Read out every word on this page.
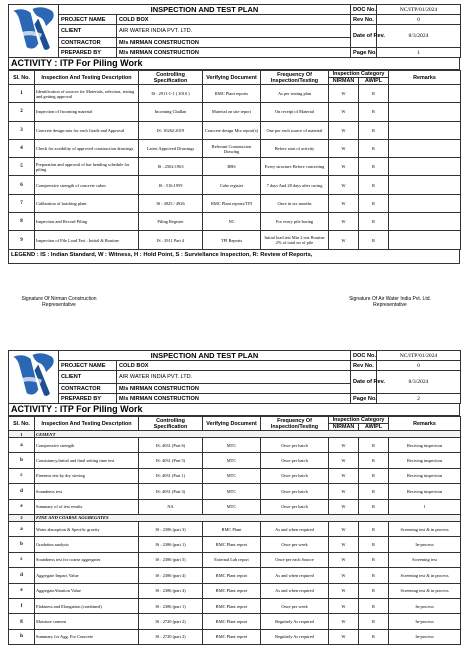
	INSPECTION AND TEST PLAN		DOC No.	NC/ITP/01/2024
	PROJECT NAME	COLD BOX	Rev No.	0
	CLIENT	AIR WATER INDIA PVT. LTD.	Date of Rev.	8/3/2024
	CONTRACTOR	M/s NIRMAN CONSTRUCTION		
	PREPARED BY	M/s NIRMAN CONSTRUCTION	Page No.	1
ACTIVITY : ITP For Piling Work
Sl. No.	Inspection And Testing Description	Controlling Specification	Verifying Document	Frequency Of Inspection/Testing	Inspection Category		Remarks
					NIRMAN	AWIPL	
1	Identification of sources for Materials, selection, testing and getting approval	IS : 2911-1-1 ( 2010 )	RMC Plant reports	As per testing plan	W	R	
2	Inspection of Incoming material	Incoming Challan	Material on site report	On receipt of Material	W	R	
3	Concrete design mix for each Grade and Approval	IS: 10262:2019	Concrete design Mix report(s)	One per each source of material	W	R	
4	Check for avaibility of approved construction drawings	Latest Approved Drawings	Relevant Construction Drawing	Before start of activity	W	R	
5	Preparation and approval of bar bending schedule for piling	IS : 2502:1963	BBS	Every structure Before concreting	W	R	
6	Compressive strength of concrete cubes	IS : 516:1959	Cube register	7 days And 28 days after curing	W	R	
7	Calibration of batching plant	IS : 4925 / 4926	RMC Plant reports/TPI	Once in six months	W	R	
8	Inspection and Record Piling	Piling Register	NC	For every pile boring	W	R	
9	Inspection of Pile Load Test : Initial & Routine	IS : 2911 Part 4	TPI Reports	Initial load test Min 2 test Routine 2% of total no of pile	W	R	
LEGEND : IS : Indian Standard, W : Witness, H : Hold Point, S : Surviellance Inspection, R: Review of Reports,
Signature Of Nirman Construction Representative
Signature Of Air Water India Pvt. Ltd. Representative
	INSPECTION AND TEST PLAN		DOC No.	NC/ITP/01/2024
	PROJECT NAME	COLD BOX	Rev No.	0
	CLIENT	AIR WATER INDIA PVT. LTD.	Date of Rev.	8/3/2024
	CONTRACTOR	M/s NIRMAN CONSTRUCTION		
	PREPARED BY	M/s NIRMAN CONSTRUCTION	Page No.	2
ACTIVITY : ITP For Piling Work
Sl. No.	Inspection And Testing Description	Controlling Specification	Verifying Document	Frequency Of Inspection/Testing	Inspection Category		Remarks
					NIRMAN	AWIPL	
1	CEMENT						
a	Compressive strength	IS: 4031 (Part 6)	MTC	Once per batch	W	R	Reciving inspection
b	Consistancy,Initial and final setting time test	IS: 4031 (Part 5)	MTC	Once per batch	W	R	Reciving inspection
c	Fineness test by dry sieving	IS: 4031 (Part 1)	MTC	Once per batch	W	R	Reciving inspection
d	Soundness test	IS: 4031 (Part 3)	MTC	Once per batch	W	R	Reciving inspection
e	Summary of of test results	NA	MTC	Once per batch	W	R	1
2	FINE AND COARSE AGGREGATES						
a	Water absorption & Specific gravity	IS : 2386 (part 3)	RMC Plant	As and when required	W	R	Screening test & in process
b	Gradation analysis	IS : 2386 (part 1)	RMC Plant report	Once per week	W	R	In-process
c	Soundness test for coarse aggregates	IS : 2386 (part 5)	External Lab report	Once per each Source	W	R	Screening test
d	Aggregate Impact Value	IS : 2386 (part 4)	RMC Plant report	As and when required	W	R	Screening test & in process
e	AggregateAbration Value	IS : 2386 (part 4)	RMC Plant report	As and when required	W	R	Screening test & in process
f	Flakiness and Elongation (combined)	IS : 2386 (part 1)	RMC Plant report	Once per week	W	R	In-process
g	Moisture content	IS : 2720 (part 2)	RMC Plant report	Regularly As required	W	R	In-process
h	Summary for Agg. For Concrete	IS : 2720 (part 2)	RMC Plant report	Regularly As required	W	R	In-process
